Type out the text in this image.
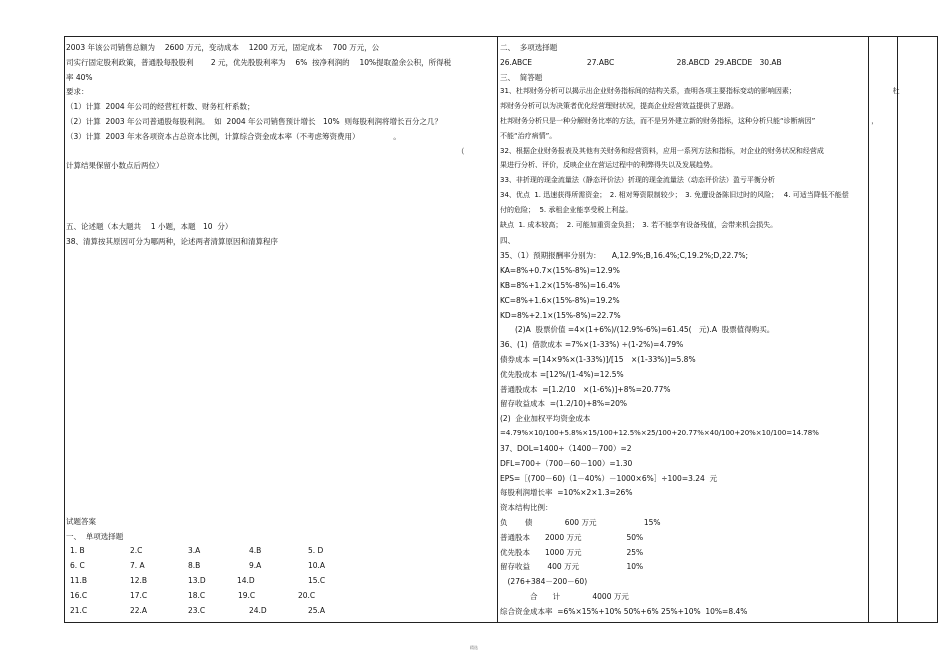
2003 年该公司销售总额为　 2600 万元，变动成本　 1200 万元，固定成本　 700 万元，公
司实行固定股利政策，普通股每股股利　　 2 元，优先股股利率为　 6%  按净利润的　 10%提取盈余公积，所得税
率 40%
要求：
（1）计算  2004 年公司的经营杠杆数、财务杠杆系数；
（2）计算  2003 年公司普通股每股利润。  如  2004 年公司销售预计增长　10%  则每股利润将增长百分之几？
（3）计算  2003 年末各项资本占总资本比例，计算综合资金成本率（不考虑筹资费用）　　　　　。
（
计算结果保留小数点后两位）
五、论述题（本大题共　 1 小题，本题　10  分）
38、清算按其原因可分为哪两种，论述两者清算原因和清算程序
试题答案
一、  单项选择题
1. B	2.C	3.A	4.B	5. D
6. C	7. A	8.B	9.A	10.A
11.B	12.B	13.D	14.D	15.C
16.C	17.C	18.C	19.C	20.C
21.C	22.A	23.C	24.D	25.A
二、  多项选择题
26.ABCE　　　　　　　 27.ABC　　　　　　　　 28.ABCD  29.ABCDE   30.AB
三、  简答题
31、杜邦财务分析可以揭示出企业财务指标间的结构关系，查明各项主要指标变动的影响因素；　　　　　　　　　　　　　　 杜
邦财务分析可以为决策者优化经营理财状况，提高企业经营效益提供了思路。
杜邦财务分析只是一种分解财务比率的方法，而不是另外建立新的财务指标，这种分析只能“诊断病因”　　　　　　　　，
不能“治疗病情”。
32、根据企业财务报表及其他有关财务和经营资料，应用一系列方法和指标，对企业的财务状况和经营成
果进行分析、评价，反映企业在营运过程中的利弊得失以及发展趋势。
33、非折现的现金流量法（静态评价法）折现的现金流量法（动态评价法）盈亏平衡分析
34、优点  1. 迅速获得所需资金；　2. 相对筹资限制较少；　3. 免遭设备陈旧过时的风险；　 4. 可适当降低不能偿
付的危险；  5. 承租企业能享受税上利益。
缺点  1. 成本较高；  2. 可能加重资金负担；　3. 若不能享有设备残值，会带来机会损失。
四、
35、（1）预期报酬率分别为：　　A,12.9%;B,16.4%;C,19.2%;D,22.7%;
KA=8%+0.7×(15%-8%)=12.9%
KB=8%+1.2×(15%-8%)=16.4%
KC=8%+1.6×(15%-8%)=19.2%
KD=8%+2.1×(15%-8%)=22.7%
　　(2)A  股票价值 =4×(1+6%)/(12.9%-6%)=61.45(　元).A  股票值得购买。
36、(1)  借款成本 =7%×(1-33%) ÷(1-2%)=4.79%
债券成本 =[14×9%×(1-33%)]/[15　×(1-33%)]=5.8%
优先股成本 =[12%/(1-4%)=12.5%
普通股成本  =[1.2/10　×(1-6%)]+8%=20.77%
留存收益成本  =(1.2/10)+8%=20%
(2)  企业加权平均资金成本
=4.79%×10/100+5.8%×15/100+12.5%×25/100+20.77%×40/100+20%×10/100=14.78%
37、DOL=1400÷（1400－700）=2
DFL=700÷（700－60－100）=1.30
EPS=［(700－60)（1－40%）－1000×6%］÷100=3.24  元
每股利润增长率  =10%×2×1.3=26%
资本结构比例：
负　　 债　　　　 600 万元　　　　　　 15%
普通股本　　2000 万元　　　　　　50%
优先股本　　1000 万元　　　　　　25%
留存收益　　 400 万元　　　　　　 10%
　(276+384－200－60)
　　　　合　　计　　　　 4000 万元
综合资金成本率  =6%×15%+10% 50%+6% 25%+10%  10%=8.4%
精选
